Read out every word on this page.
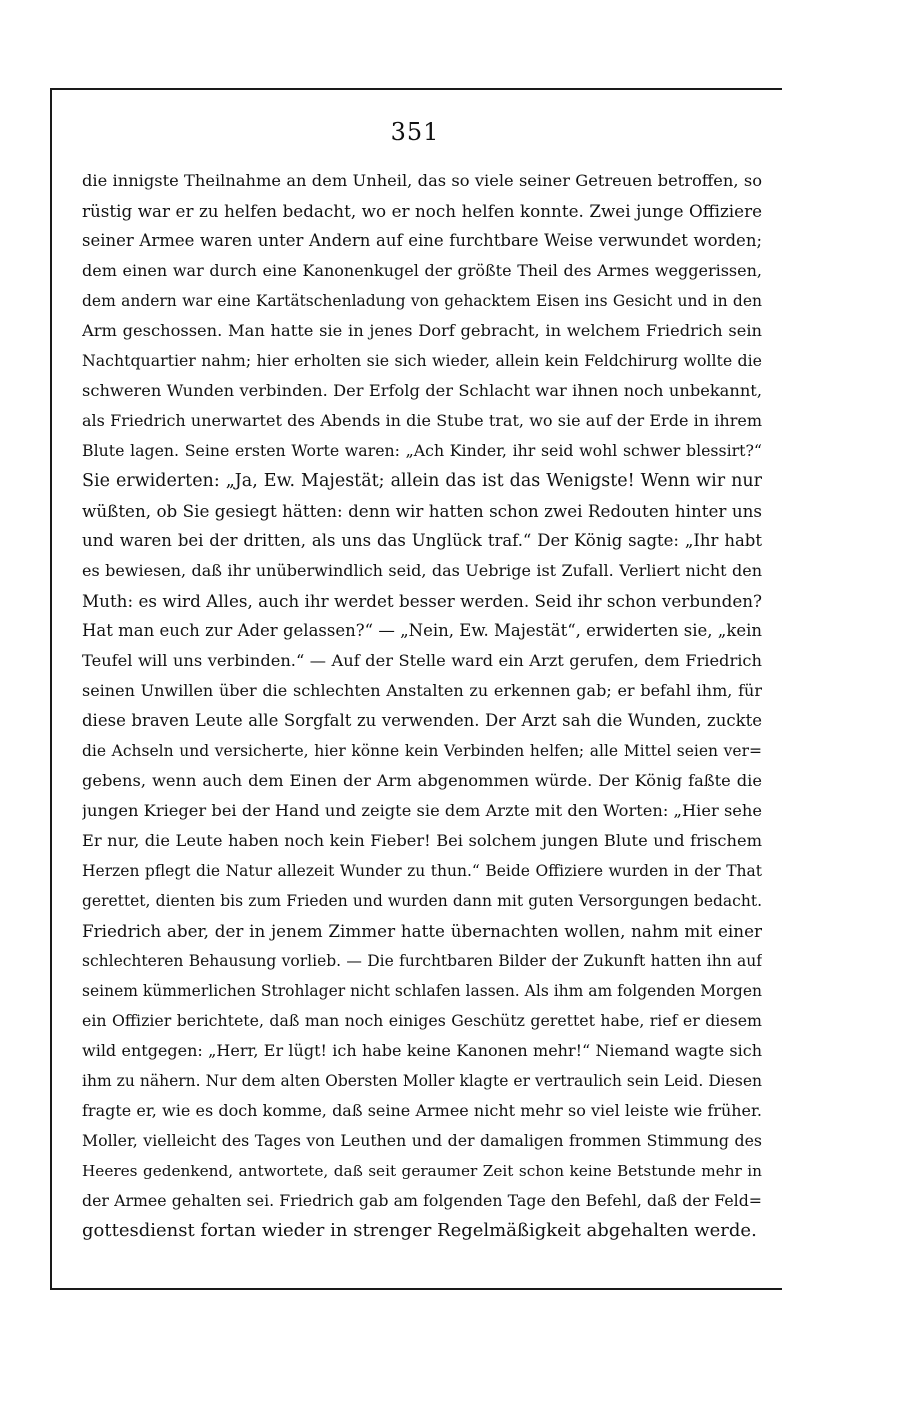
351
die innigste Theilnahme an dem Unheil, das so viele seiner Getreuen betroffen, so
rüstig war er zu helfen bedacht, wo er noch helfen konnte. Zwei junge Offiziere
seiner Armee waren unter Andern auf eine furchtbare Weise verwundet worden;
dem einen war durch eine Kanonenkugel der größte Theil des Armes weggerissen,
dem andern war eine Kartätschenladung von gehacktem Eisen ins Gesicht und in den
Arm geschossen. Man hatte sie in jenes Dorf gebracht, in welchem Friedrich sein
Nachtquartier nahm; hier erholten sie sich wieder, allein kein Feldchirurg wollte die
schweren Wunden verbinden. Der Erfolg der Schlacht war ihnen noch unbekannt,
als Friedrich unerwartet des Abends in die Stube trat, wo sie auf der Erde in ihrem
Blute lagen. Seine ersten Worte waren: „Ach Kinder, ihr seid wohl schwer blessirt?“
Sie erwiderten: „Ja, Ew. Majestät; allein das ist das Wenigste! Wenn wir nur
wüßten, ob Sie gesiegt hätten: denn wir hatten schon zwei Redouten hinter uns
und waren bei der dritten, als uns das Unglück traf.“ Der König sagte: „Ihr habt
es bewiesen, daß ihr unüberwindlich seid, das Uebrige ist Zufall. Verliert nicht den
Muth: es wird Alles, auch ihr werdet besser werden. Seid ihr schon verbunden?
Hat man euch zur Ader gelassen?“ — „Nein, Ew. Majestät“, erwiderten sie, „kein
Teufel will uns verbinden.“ — Auf der Stelle ward ein Arzt gerufen, dem Friedrich
seinen Unwillen über die schlechten Anstalten zu erkennen gab; er befahl ihm, für
diese braven Leute alle Sorgfalt zu verwenden. Der Arzt sah die Wunden, zuckte
die Achseln und versicherte, hier könne kein Verbinden helfen; alle Mittel seien ver=
gebens, wenn auch dem Einen der Arm abgenommen würde. Der König faßte die
jungen Krieger bei der Hand und zeigte sie dem Arzte mit den Worten: „Hier sehe
Er nur, die Leute haben noch kein Fieber! Bei solchem jungen Blute und frischem
Herzen pflegt die Natur allezeit Wunder zu thun.“ Beide Offiziere wurden in der That
gerettet, dienten bis zum Frieden und wurden dann mit guten Versorgungen bedacht.
Friedrich aber, der in jenem Zimmer hatte übernachten wollen, nahm mit einer
schlechteren Behausung vorlieb. — Die furchtbaren Bilder der Zukunft hatten ihn auf
seinem kümmerlichen Strohlager nicht schlafen lassen. Als ihm am folgenden Morgen
ein Offizier berichtete, daß man noch einiges Geschütz gerettet habe, rief er diesem
wild entgegen: „Herr, Er lügt! ich habe keine Kanonen mehr!“ Niemand wagte sich
ihm zu nähern. Nur dem alten Obersten Moller klagte er vertraulich sein Leid. Diesen
fragte er, wie es doch komme, daß seine Armee nicht mehr so viel leiste wie früher.
Moller, vielleicht des Tages von Leuthen und der damaligen frommen Stimmung des
Heeres gedenkend, antwortete, daß seit geraumer Zeit schon keine Betstunde mehr in
der Armee gehalten sei. Friedrich gab am folgenden Tage den Befehl, daß der Feld=
gottesdienst fortan wieder in strenger Regelmäßigkeit abgehalten werde.
